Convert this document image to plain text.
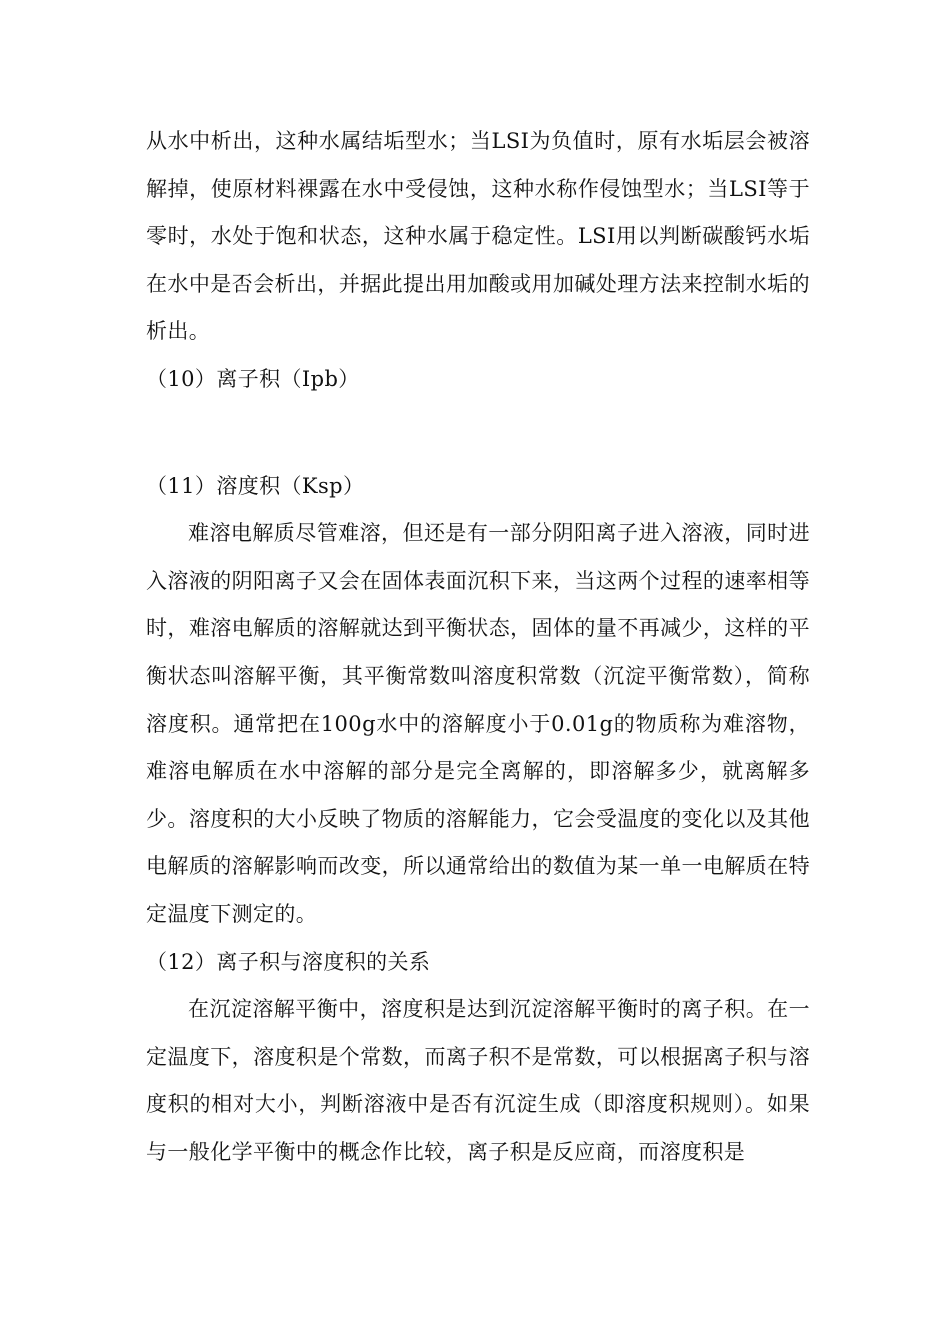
从水中析出，这种水属结垢型水；当LSI为负值时，原有水垢层会被溶解掉，使原材料裸露在水中受侵蚀，这种水称作侵蚀型水；当LSI等于零时，水处于饱和状态，这种水属于稳定性。LSI用以判断碳酸钙水垢在水中是否会析出，并据此提出用加酸或用加碱处理方法来控制水垢的析出。

（10）离子积（Ipb）

（11）溶度积（Ksp）

难溶电解质尽管难溶，但还是有一部分阴阳离子进入溶液，同时进入溶液的阴阳离子又会在固体表面沉积下来，当这两个过程的速率相等时，难溶电解质的溶解就达到平衡状态，固体的量不再减少，这样的平衡状态叫溶解平衡，其平衡常数叫溶度积常数（沉淀平衡常数），简称溶度积。通常把在100g水中的溶解度小于0.01g的物质称为难溶物，难溶电解质在水中溶解的部分是完全离解的，即溶解多少，就离解多少。溶度积的大小反映了物质的溶解能力，它会受温度的变化以及其他电解质的溶解影响而改变，所以通常给出的数值为某一单一电解质在特定温度下测定的。

（12）离子积与溶度积的关系

在沉淀溶解平衡中，溶度积是达到沉淀溶解平衡时的离子积。在一定温度下，溶度积是个常数，而离子积不是常数，可以根据离子积与溶度积的相对大小，判断溶液中是否有沉淀生成（即溶度积规则）。如果与一般化学平衡中的概念作比较，离子积是反应商，而溶度积是
